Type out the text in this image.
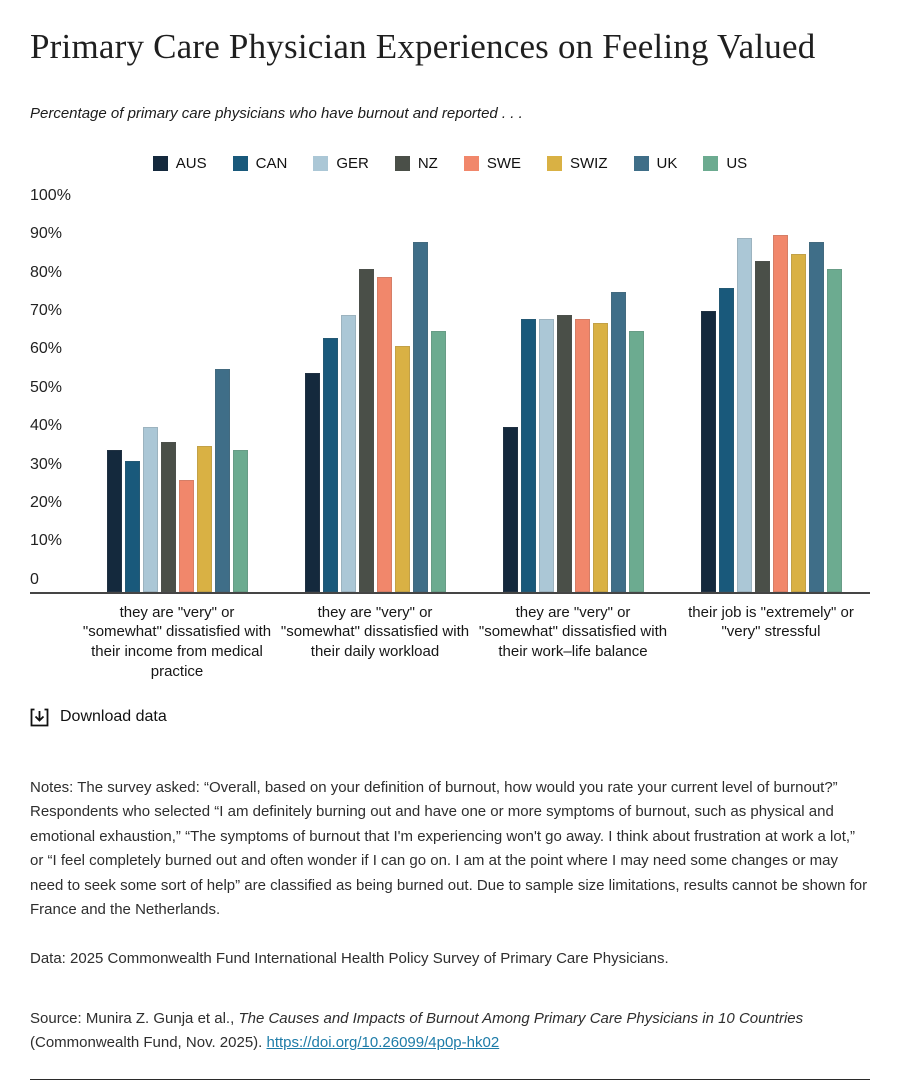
Primary Care Physician Experiences on Feeling Valued
Percentage of primary care physicians who have burnout and reported . . .
AUS	CAN	GER	NZ	SWE	SWIZ	UK	US
0
10%
20%
30%
40%
50%
60%
70%
80%
90%
100%
they are "very" or "somewhat" dissatisfied with their income from medical practice
they are "very" or "somewhat" dissatisfied with their daily workload
they are "very" or "somewhat" dissatisfied with their work–life balance
their job is "extremely" or "very" stressful
Download data
Notes: The survey asked: “Overall, based on your definition of burnout, how would you rate your current level of burnout?” Respondents who selected “I am definitely burning out and have one or more symptoms of burnout, such as physical and emotional exhaustion,” “The symptoms of burnout that I'm experiencing won't go away. I think about frustration at work a lot,” or “I feel completely burned out and often wonder if I can go on. I am at the point where I may need some changes or may need to seek some sort of help” are classified as being burned out. Due to sample size limitations, results cannot be shown for France and the Netherlands.
Data: 2025 Commonwealth Fund International Health Policy Survey of Primary Care Physicians.
Source: Munira Z. Gunja et al., The Causes and Impacts of Burnout Among Primary Care Physicians in 10 Countries (Commonwealth Fund, Nov. 2025). https://doi.org/10.26099/4p0p-hk02
